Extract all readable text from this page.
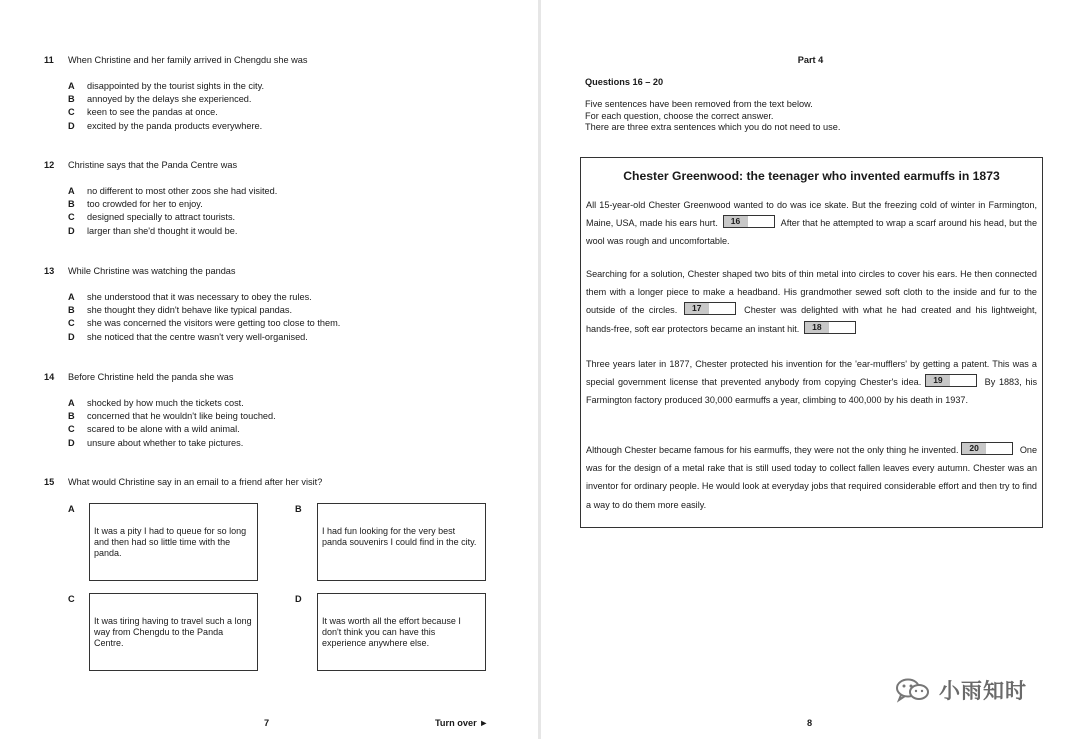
11 When Christine and her family arrived in Chengdu she was
A disappointed by the tourist sights in the city.
B annoyed by the delays she experienced.
C keen to see the pandas at once.
D excited by the panda products everywhere.
12 Christine says that the Panda Centre was
A no different to most other zoos she had visited.
B too crowded for her to enjoy.
C designed specially to attract tourists.
D larger than she'd thought it would be.
13 While Christine was watching the pandas
A she understood that it was necessary to obey the rules.
B she thought they didn't behave like typical pandas.
C she was concerned the visitors were getting too close to them.
D she noticed that the centre wasn't very well-organised.
14 Before Christine held the panda she was
A shocked by how much the tickets cost.
B concerned that he wouldn't like being touched.
C scared to be alone with a wild animal.
D unsure about whether to take pictures.
15 What would Christine say in an email to a friend after her visit?
A
It was a pity I had to queue for so long and then had so little time with the panda.
B
I had fun looking for the very best panda souvenirs I could find in the city.
C
It was tiring having to travel such a long way from Chengdu to the Panda Centre.
D
It was worth all the effort because I don't think you can have this experience anywhere else.
7	Turn over ►
Part 4
Questions 16 – 20
Five sentences have been removed from the text below.
For each question, choose the correct answer.
There are three extra sentences which you do not need to use.
Chester Greenwood: the teenager who invented earmuffs in 1873
All 15-year-old Chester Greenwood wanted to do was ice skate. But the freezing cold of winter in Farmington, Maine, USA, made his ears hurt.	16	After that he attempted to wrap a scarf around his head, but the wool was rough and uncomfortable.
Searching for a solution, Chester shaped two bits of thin metal into circles to cover his ears. He then connected them with a longer piece to make a headband. His grandmother sewed soft cloth to the inside and fur to the outside of the circles.	17	Chester was delighted with what he had created and his lightweight, hands-free, soft ear protectors became an instant hit.	18
Three years later in 1877, Chester protected his invention for the 'ear-mufflers' by getting a patent. This was a special government license that prevented anybody from copying Chester's idea.	19	By 1883, his Farmington factory produced 30,000 earmuffs a year, climbing to 400,000 by his death in 1937.
Although Chester became famous for his earmuffs, they were not the only thing he invented.	20	One was for the design of a metal rake that is still used today to collect fallen leaves every autumn. Chester was an inventor for ordinary people. He would look at everyday jobs that required considerable effort and then try to find a way to do them more easily.
8
小雨知时
